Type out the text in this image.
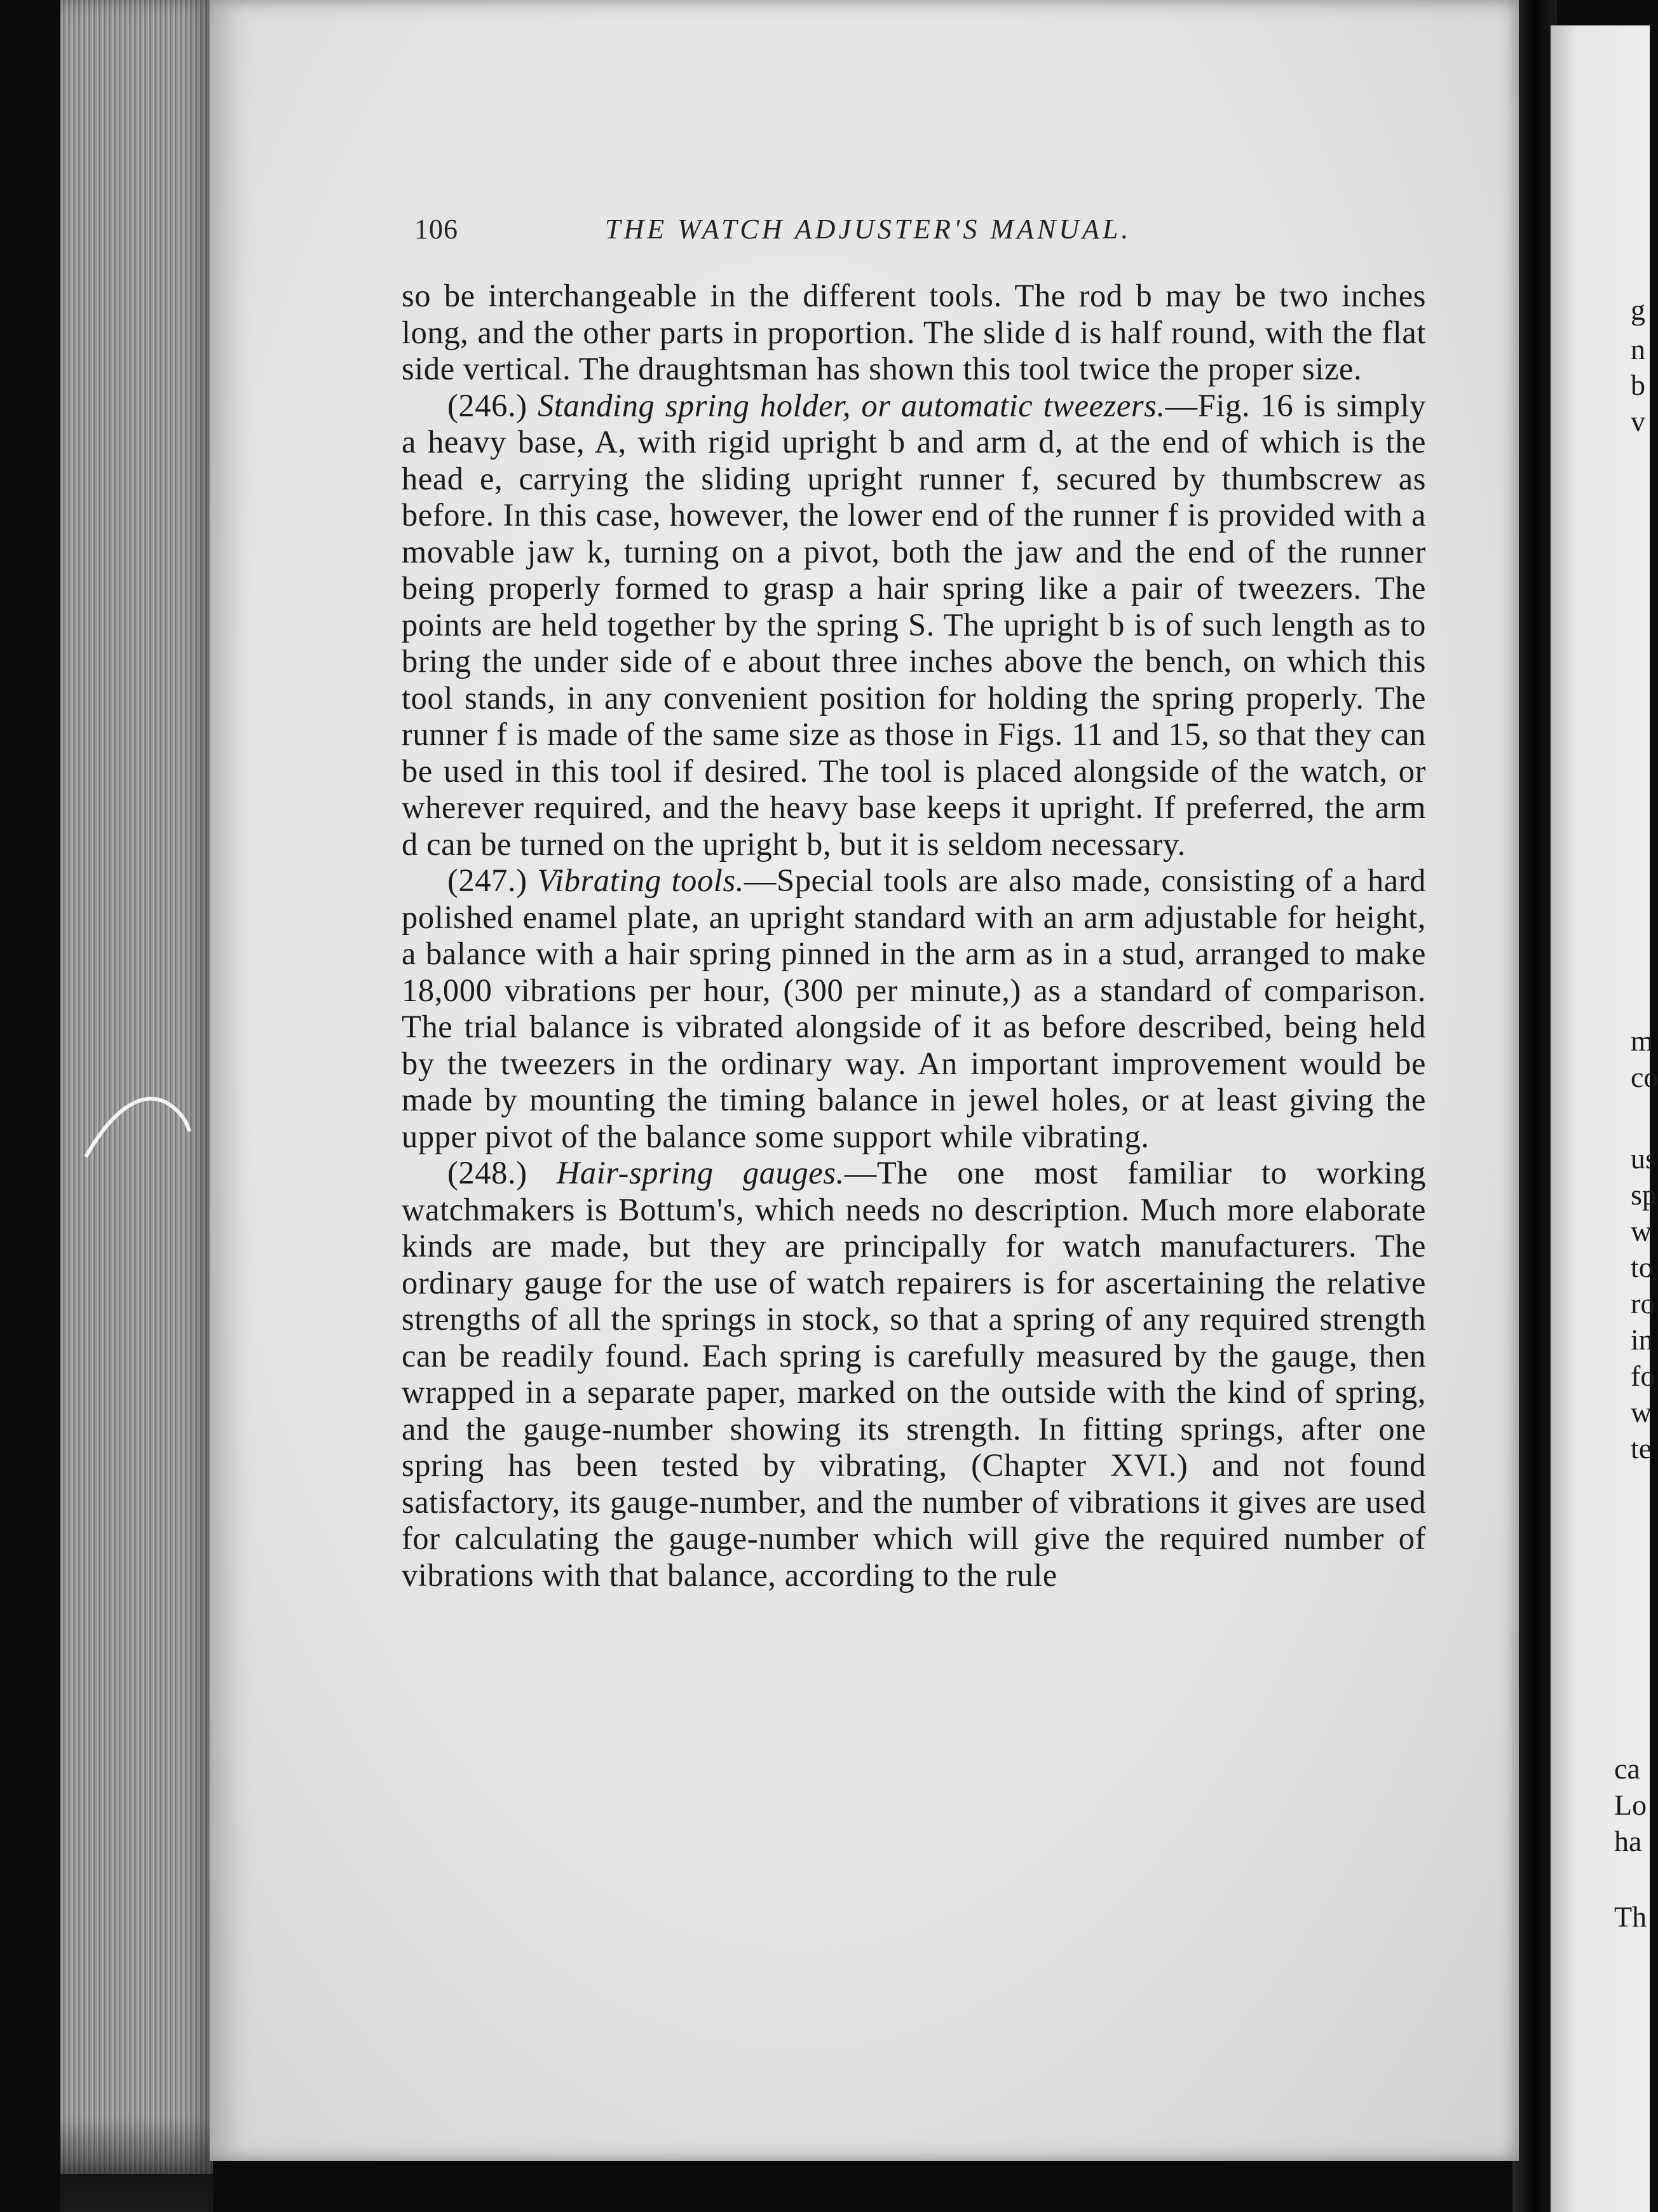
g
n
b
v
m
co
us
sp
w
to
ro
in
fo
w
te
ca
Lo
ha
Th
106	THE WATCH ADJUSTER'S MANUAL.

so be interchangeable in the different tools. The rod b may be two inches long, and the other parts in proportion. The slide d is half round, with the flat side vertical. The draughtsman has shown this tool twice the proper size.

(246.) Standing spring holder, or automatic tweezers.—Fig. 16 is simply a heavy base, A, with rigid upright b and arm d, at the end of which is the head e, carrying the sliding upright runner f, secured by thumbscrew as before. In this case, however, the lower end of the runner f is provided with a movable jaw k, turning on a pivot, both the jaw and the end of the runner being properly formed to grasp a hair spring like a pair of tweezers. The points are held together by the spring S. The upright b is of such length as to bring the under side of e about three inches above the bench, on which this tool stands, in any convenient position for holding the spring properly. The runner f is made of the same size as those in Figs. 11 and 15, so that they can be used in this tool if desired. The tool is placed alongside of the watch, or wherever required, and the heavy base keeps it upright. If preferred, the arm d can be turned on the upright b, but it is seldom necessary.

(247.) Vibrating tools.—Special tools are also made, consisting of a hard polished enamel plate, an upright standard with an arm adjustable for height, a balance with a hair spring pinned in the arm as in a stud, arranged to make 18,000 vibrations per hour, (300 per minute,) as a standard of comparison. The trial balance is vibrated alongside of it as before described, being held by the tweezers in the ordinary way. An important improvement would be made by mounting the timing balance in jewel holes, or at least giving the upper pivot of the balance some support while vibrating.

(248.) Hair-spring gauges.—The one most familiar to working watchmakers is Bottum's, which needs no description. Much more elaborate kinds are made, but they are principally for watch manufacturers. The ordinary gauge for the use of watch repairers is for ascertaining the relative strengths of all the springs in stock, so that a spring of any required strength can be readily found. Each spring is carefully measured by the gauge, then wrapped in a separate paper, marked on the outside with the kind of spring, and the gauge-number showing its strength. In fitting springs, after one spring has been tested by vibrating, (Chapter XVI.) and not found satisfactory, its gauge-number, and the number of vibrations it gives are used for calculating the gauge-number which will give the required number of vibrations with that balance, according to the rule
